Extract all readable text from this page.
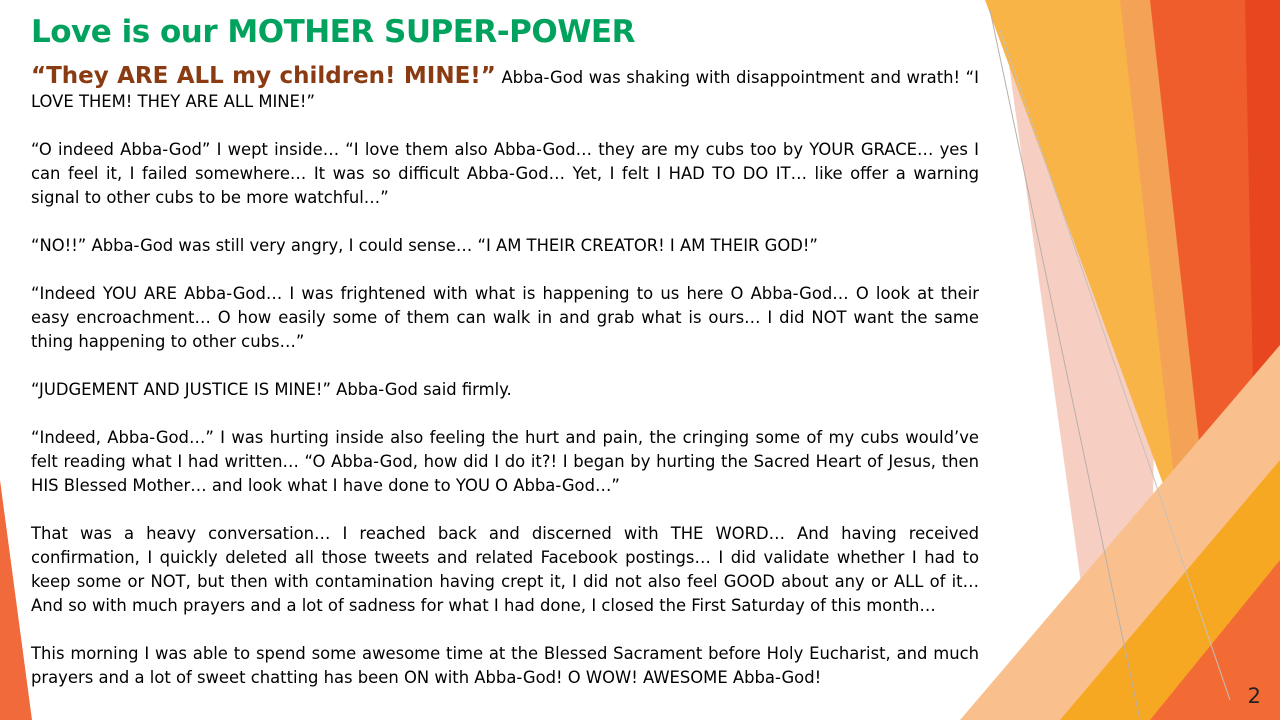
Love is our MOTHER SUPER-POWER

“They ARE ALL my children! MINE!” Abba-God was shaking with disappointment and wrath! “I LOVE THEM! THEY ARE ALL MINE!”

“O indeed Abba-God” I wept inside… “I love them also Abba-God… they are my cubs too by YOUR GRACE… yes I can feel it, I failed somewhere… It was so difficult Abba-God… Yet, I felt I HAD TO DO IT… like offer a warning signal to other cubs to be more watchful…”

“NO!!” Abba-God was still very angry, I could sense… “I AM THEIR CREATOR! I AM THEIR GOD!”

“Indeed YOU ARE Abba-God… I was frightened with what is happening to us here O Abba-God… O look at their easy encroachment… O how easily some of them can walk in and grab what is ours… I did NOT want the same thing happening to other cubs…”

“JUDGEMENT AND JUSTICE IS MINE!” Abba-God said firmly.

“Indeed, Abba-God…” I was hurting inside also feeling the hurt and pain, the cringing some of my cubs would’ve felt reading what I had written… “O Abba-God, how did I do it?! I began by hurting the Sacred Heart of Jesus, then HIS Blessed Mother… and look what I have done to YOU O Abba-God…”

That was a heavy conversation… I reached back and discerned with THE WORD… And having received confirmation, I quickly deleted all those tweets and related Facebook postings… I did validate whether I had to keep some or NOT, but then with contamination having crept it, I did not also feel GOOD about any or ALL of it… And so with much prayers and a lot of sadness for what I had done, I closed the First Saturday of this month…

This morning I was able to spend some awesome time at the Blessed Sacrament before Holy Eucharist, and much prayers and a lot of sweet chatting has been ON with Abba-God! O WOW! AWESOME Abba-God!

2
